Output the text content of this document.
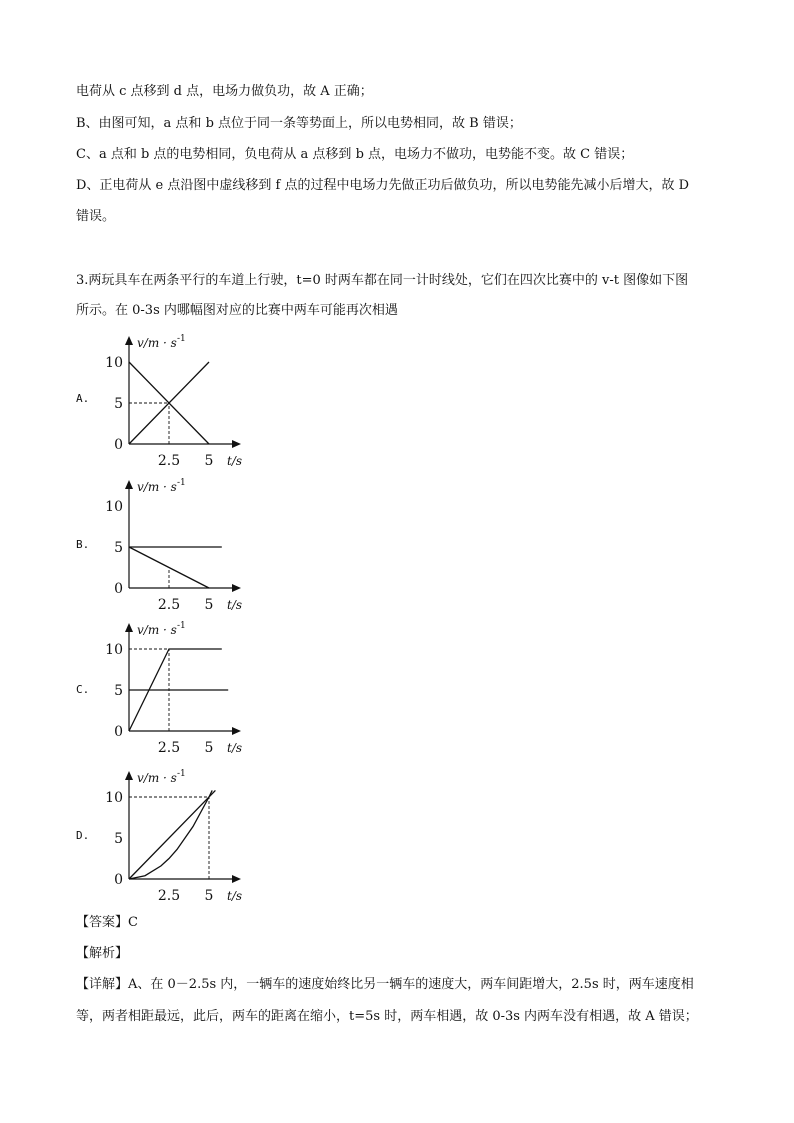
电荷从 c 点移到 d 点，电场力做负功，故 A 正确；
B、由图可知，a 点和 b 点位于同一条等势面上，所以电势相同，故 B 错误；
C、a 点和 b 点的电势相同，负电荷从 a 点移到 b 点，电场力不做功，电势能不变。故 C 错误；
D、正电荷从 e 点沿图中虚线移到 f 点的过程中电场力先做正功后做负功，所以电势能先减小后增大，故 D
错误。
3.两玩具车在两条平行的车道上行驶，t=0 时两车都在同一计时线处，它们在四次比赛中的 v-t 图像如下图
所示。在 0-3s 内哪幅图对应的比赛中两车可能再次相遇
A.
B.
C.
D.
v/m · s -1
t/s
10
5
0
2.5 5
v/m · s -1
t/s
10
5
0
2.5 5
v/m · s -1
t/s
10
5
0
2.5 5
v/m · s -1
t/s
10
5
0
2.5 5
【答案】C
【解析】
【详解】A、在 0－2.5s 内，一辆车的速度始终比另一辆车的速度大，两车间距增大，2.5s 时，两车速度相
等，两者相距最远，此后，两车的距离在缩小，t=5s 时，两车相遇，故 0-3s 内两车没有相遇，故 A 错误；
